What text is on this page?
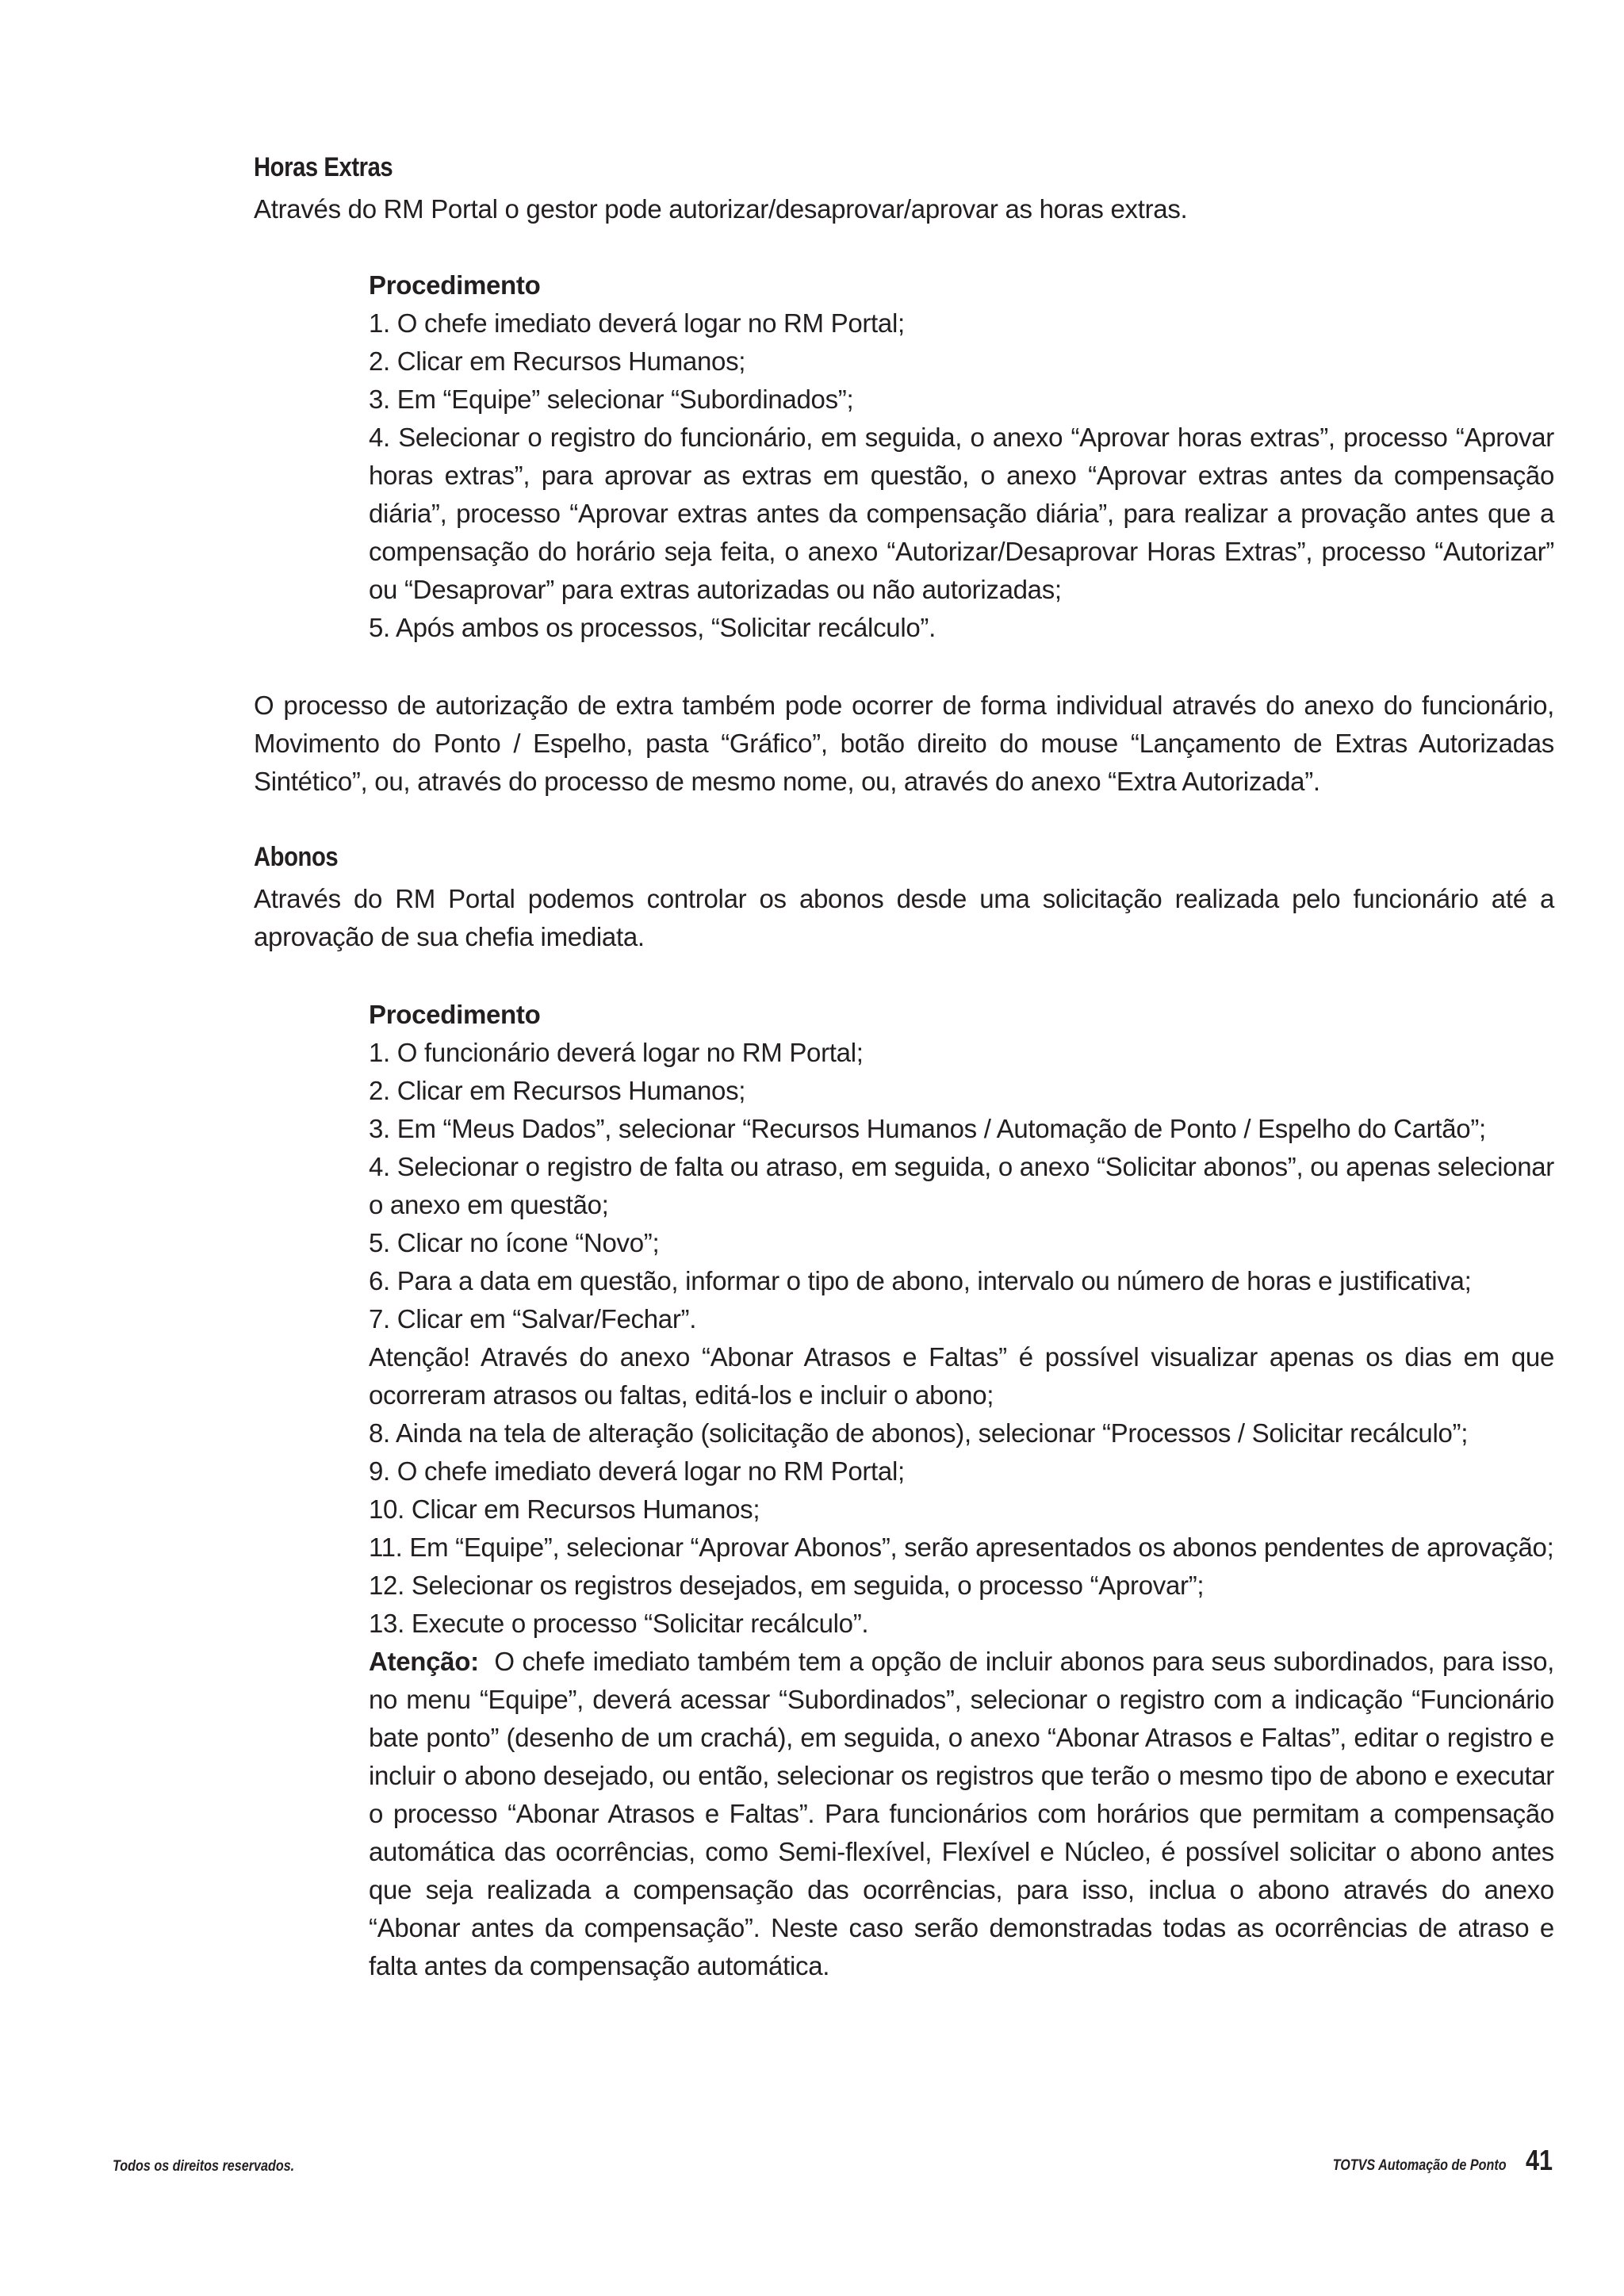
Horas Extras

Através do RM Portal o gestor pode autorizar/desaprovar/aprovar as horas extras.

Procedimento
1. O chefe imediato deverá logar no RM Portal;
2. Clicar em Recursos Humanos;
3. Em “Equipe” selecionar “Subordinados”;
4. Selecionar o registro do funcionário, em seguida, o anexo “Aprovar horas extras”, processo “Aprovar horas extras”, para aprovar as extras em questão, o anexo “Aprovar extras antes da compensação diária”, processo “Aprovar extras antes da compensação diária”, para realizar a provação antes que a compensação do horário seja feita, o anexo “Autorizar/Desaprovar Horas Extras”, processo “Autorizar” ou “Desaprovar” para extras autorizadas ou não autorizadas;
5. Após ambos os processos, “Solicitar recálculo”.

O processo de autorização de extra também pode ocorrer de forma individual através do anexo do funcionário, Movimento do Ponto / Espelho, pasta “Gráfico”, botão direito do mouse “Lançamento de Extras Autorizadas Sintético”, ou, através do processo de mesmo nome, ou, através do anexo “Extra Autorizada”.

Abonos

Através do RM Portal podemos controlar os abonos desde uma solicitação realizada pelo funcionário até a aprovação de sua chefia imediata.

Procedimento
1. O funcionário deverá logar no RM Portal;
2. Clicar em Recursos Humanos;
3. Em “Meus Dados”, selecionar “Recursos Humanos / Automação de Ponto / Espelho do Cartão”;
4. Selecionar o registro de falta ou atraso, em seguida, o anexo “Solicitar abonos”, ou apenas selecionar o anexo em questão;
5. Clicar no ícone “Novo”;
6. Para a data em questão, informar o tipo de abono, intervalo ou número de horas e justificativa;
7. Clicar em “Salvar/Fechar”.
Atenção! Através do anexo “Abonar Atrasos e Faltas” é possível visualizar apenas os dias em que ocorreram atrasos ou faltas, editá-los e incluir o abono;
8. Ainda na tela de alteração (solicitação de abonos), selecionar “Processos / Solicitar recálculo”;
9. O chefe imediato deverá logar no RM Portal;
10. Clicar em Recursos Humanos;
11. Em “Equipe”, selecionar “Aprovar Abonos”, serão apresentados os abonos pendentes de aprovação;
12. Selecionar os registros desejados, em seguida, o processo “Aprovar”;
13. Execute o processo “Solicitar recálculo”.
Atenção: O chefe imediato também tem a opção de incluir abonos para seus subordinados, para isso, no menu “Equipe”, deverá acessar “Subordinados”, selecionar o registro com a indicação “Funcionário bate ponto” (desenho de um crachá), em seguida, o anexo “Abonar Atrasos e Faltas”, editar o registro e incluir o abono desejado, ou então, selecionar os registros que terão o mesmo tipo de abono e executar o processo “Abonar Atrasos e Faltas”. Para funcionários com horários que permitam a compensação automática das ocorrências, como Semi-flexível, Flexível e Núcleo, é possível solicitar o abono antes que seja realizada a compensação das ocorrências, para isso, inclua o abono através do anexo “Abonar antes da compensação”. Neste caso serão demonstradas todas as ocorrências de atraso e falta antes da compensação automática.
Todos os direitos reservados.	TOTVS Automação de Ponto 41
